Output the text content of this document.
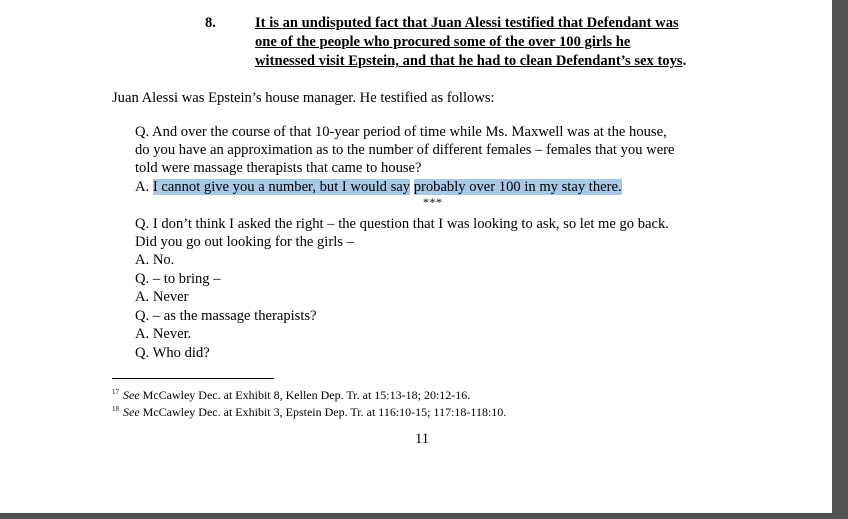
8.	It is an undisputed fact that Juan Alessi testified that Defendant was
one of the people who procured some of the over 100 girls he
witnessed visit Epstein, and that he had to clean Defendant’s sex toys.
Juan Alessi was Epstein’s house manager. He testified as follows:
Q. And over the course of that 10-year period of time while Ms. Maxwell was at the house,
do you have an approximation as to the number of different females – females that you were
told were massage therapists that came to house?
A. I cannot give you a number, but I would say probably over 100 in my stay there.
***
Q. I don’t think I asked the right – the question that I was looking to ask, so let me go back.
Did you go out looking for the girls –
A. No.
Q. – to bring –
A. Never
Q. – as the massage therapists?
A. Never.
Q. Who did?
$^{17}$ See McCawley Dec. at Exhibit 8, Kellen Dep. Tr. at 15:13-18; 20:12-16.
$^{18}$ See McCawley Dec. at Exhibit 3, Epstein Dep. Tr. at 116:10-15; 117:18-118:10.
11
